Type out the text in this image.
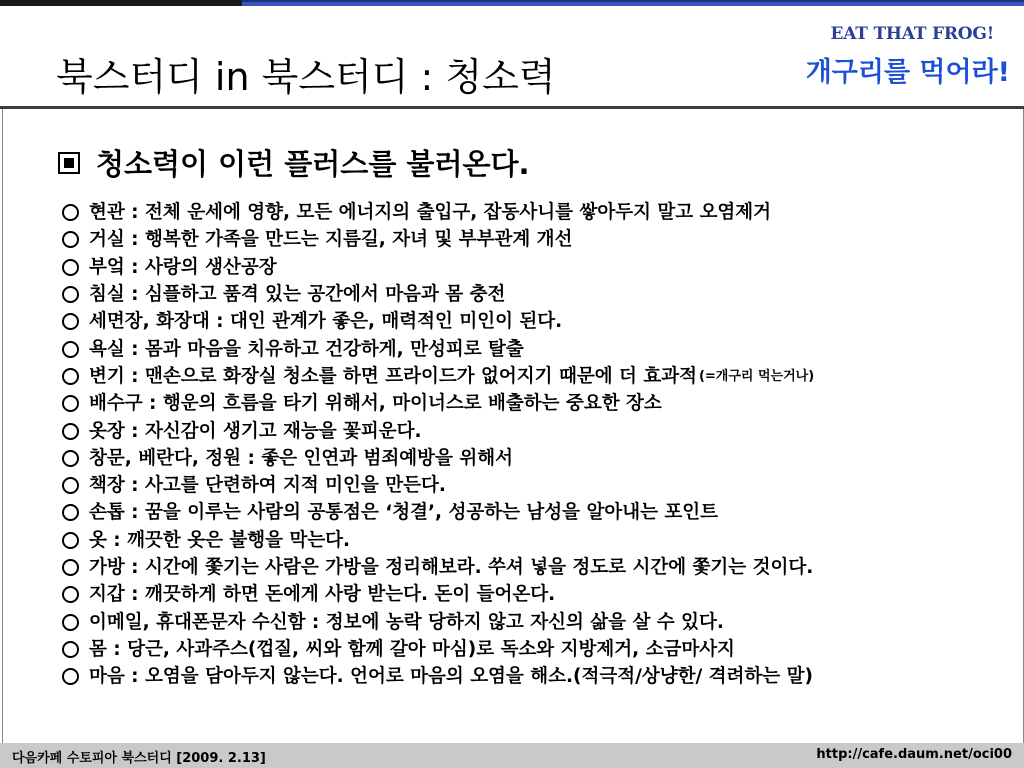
북스터디 in 북스터디 : 청소력
EAT THAT FROG!
개구리를 먹어라!
청소력이 이런 플러스를 불러온다.
현관 : 전체 운세에 영향, 모든 에너지의 출입구, 잡동사니를 쌓아두지 말고 오염제거
거실 : 행복한 가족을 만드는 지름길, 자녀 및 부부관계 개선
부엌 : 사랑의 생산공장
침실 : 심플하고 품격 있는 공간에서 마음과 몸 충전
세면장, 화장대 : 대인 관계가 좋은, 매력적인 미인이 된다.
욕실 : 몸과 마음을 치유하고 건강하게, 만성피로 탈출
변기 : 맨손으로 화장실 청소를 하면 프라이드가 없어지기 때문에 더 효과적 (=개구리 먹는거나)
배수구 : 행운의 흐름을 타기 위해서, 마이너스로 배출하는 중요한 장소
옷장 : 자신감이 생기고 재능을 꽃피운다.
창문, 베란다, 정원 : 좋은 인연과 범죄예방을 위해서
책장 : 사고를 단련하여 지적 미인을 만든다.
손톱 : 꿈을 이루는 사람의 공통점은 ‘청결’, 성공하는 남성을 알아내는 포인트
옷 : 깨끗한 옷은 불행을 막는다.
가방 : 시간에 쫓기는 사람은 가방을 정리해보라. 쑤셔 넣을 정도로 시간에 쫓기는 것이다.
지갑 : 깨끗하게 하면 돈에게 사랑 받는다. 돈이 들어온다.
이메일, 휴대폰문자 수신함 : 정보에 농락 당하지 않고 자신의 삶을 살 수 있다.
몸 : 당근, 사과주스(껍질, 씨와 함께 갈아 마심)로 독소와 지방제거, 소금마사지
마음 : 오염을 담아두지 않는다. 언어로 마음의 오염을 해소.(적극적/상냥한/ 격려하는 말)
다음카페 수토피아 북스터디 [2009. 2.13]	http://cafe.daum.net/oci00
